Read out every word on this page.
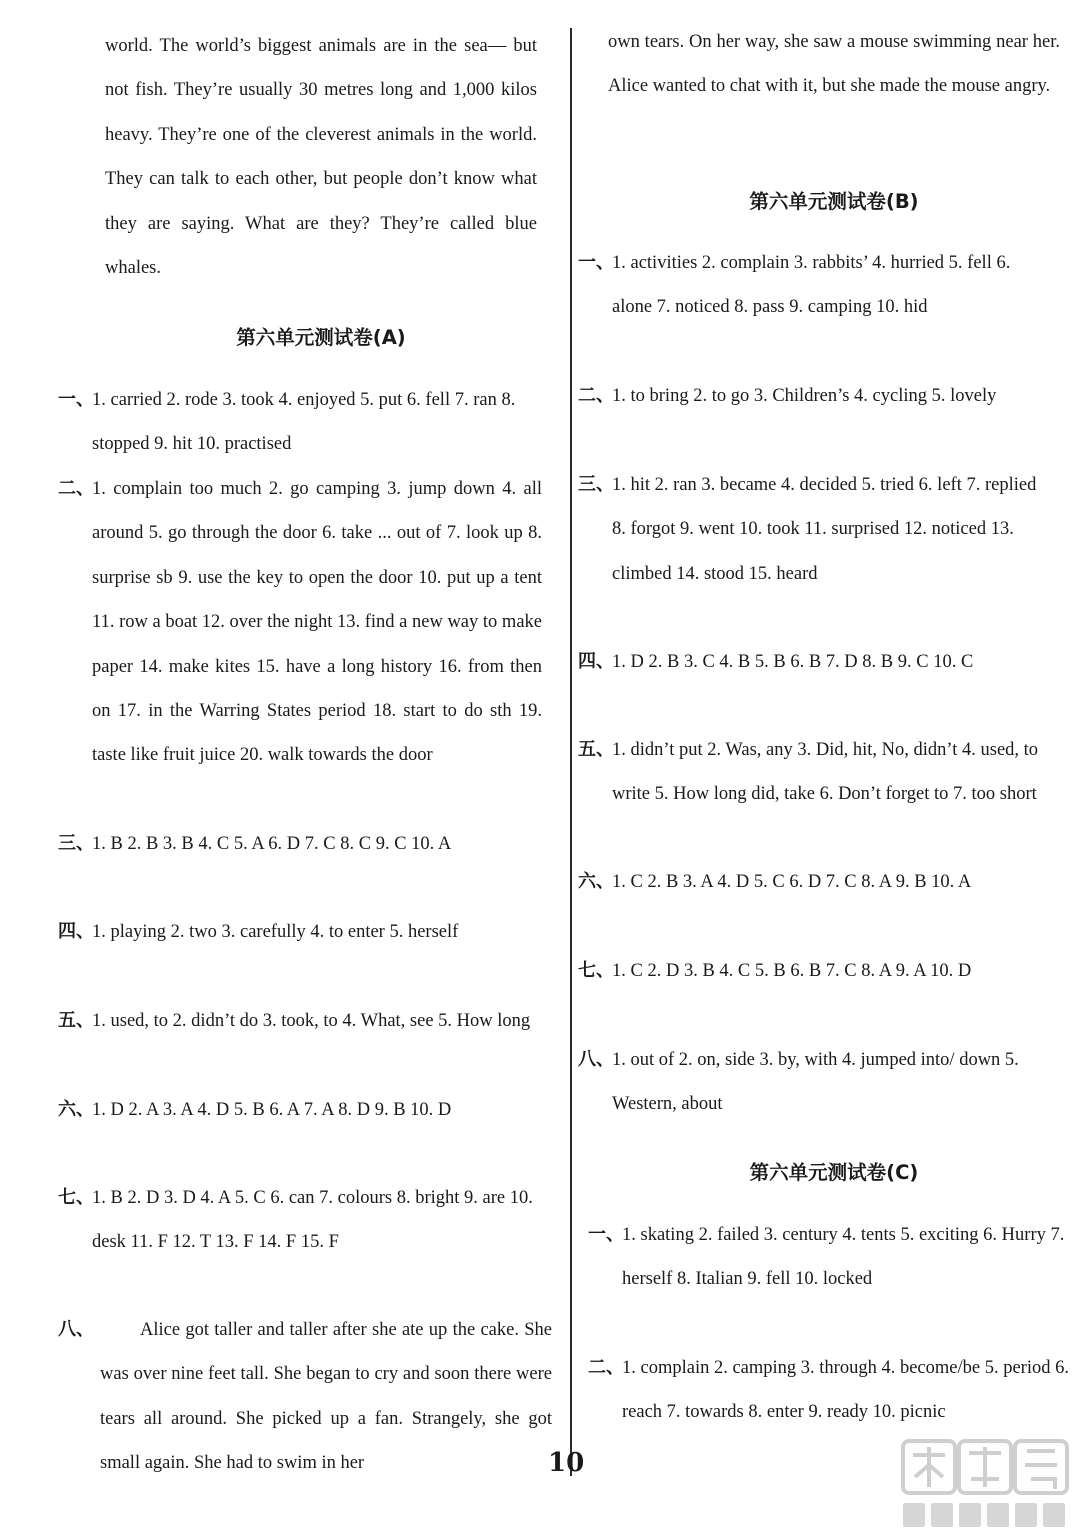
world. The world’s biggest animals are in the sea— but not fish. They’re usually 30 metres long and 1,000 kilos heavy. They’re one of the cleverest animals in the world. They can talk to each other, but people don’t know what they are saying. What are they? They’re called blue whales.

第六单元测试卷(A)
一、
1. carried 2. rode 3. took 4. enjoyed 5. put 6. fell 7. ran 8. stopped 9. hit 10. practised
二、
1. complain too much 2. go camping 3. jump down 4. all around 5. go through the door 6. take ... out of 7. look up 8. surprise sb 9. use the key to open the door 10. put up a tent 11. row a boat 12. over the night 13. find a new way to make paper 14. make kites 15. have a long history 16. from then on 17. in the Warring States period 18. start to do sth 19. taste like fruit juice 20. walk towards the door
三、
1. B 2. B 3. B 4. C 5. A 6. D 7. C 8. C 9. C 10. A
四、
1. playing 2. two 3. carefully 4. to enter 5. herself
五、
1. used, to 2. didn’t do 3. took, to 4. What, see 5. How long
六、
1. D 2. A 3. A 4. D 5. B 6. A 7. A 8. D 9. B 10. D
七、
1. B 2. D 3. D 4. A 5. C 6. can 7. colours 8. bright 9. are 10. desk 11. F 12. T 13. F 14. F 15. F
八、	Alice got taller and taller after she ate up the cake. She was over nine feet tall. She began to cry and soon there were tears all around. She picked up a fan. Strangely, she got small again. She had to swim in her

own tears. On her way, she saw a mouse swimming near her. Alice wanted to chat with it, but she made the mouse angry.

第六单元测试卷(B)
一、
1. activities 2. complain 3. rabbits’ 4. hurried 5. fell 6. alone 7. noticed 8. pass 9. camping 10. hid
二、
1. to bring 2. to go 3. Children’s 4. cycling 5. lovely
三、
1. hit 2. ran 3. became 4. decided 5. tried 6. left 7. replied 8. forgot 9. went 10. took 11. surprised 12. noticed 13. climbed 14. stood 15. heard
四、
1. D 2. B 3. C 4. B 5. B 6. B 7. D 8. B 9. C 10. C
五、
1. didn’t put 2. Was, any 3. Did, hit, No, didn’t 4. used, to write 5. How long did, take 6. Don’t forget to 7. too short
六、
1. C 2. B 3. A 4. D 5. C 6. D 7. C 8. A 9. B 10. A
七、
1. C 2. D 3. B 4. C 5. B 6. B 7. C 8. A 9. A 10. D
八、
1. out of 2. on, side 3. by, with 4. jumped into/ down 5. Western, about
第六单元测试卷(C)
一、
1. skating 2. failed 3. century 4. tents 5. exciting 6. Hurry 7. herself 8. Italian 9. fell 10. locked
二、
1. complain 2. camping 3. through 4. become/be 5. period 6. reach 7. towards 8. enter 9. ready 10. picnic
10
